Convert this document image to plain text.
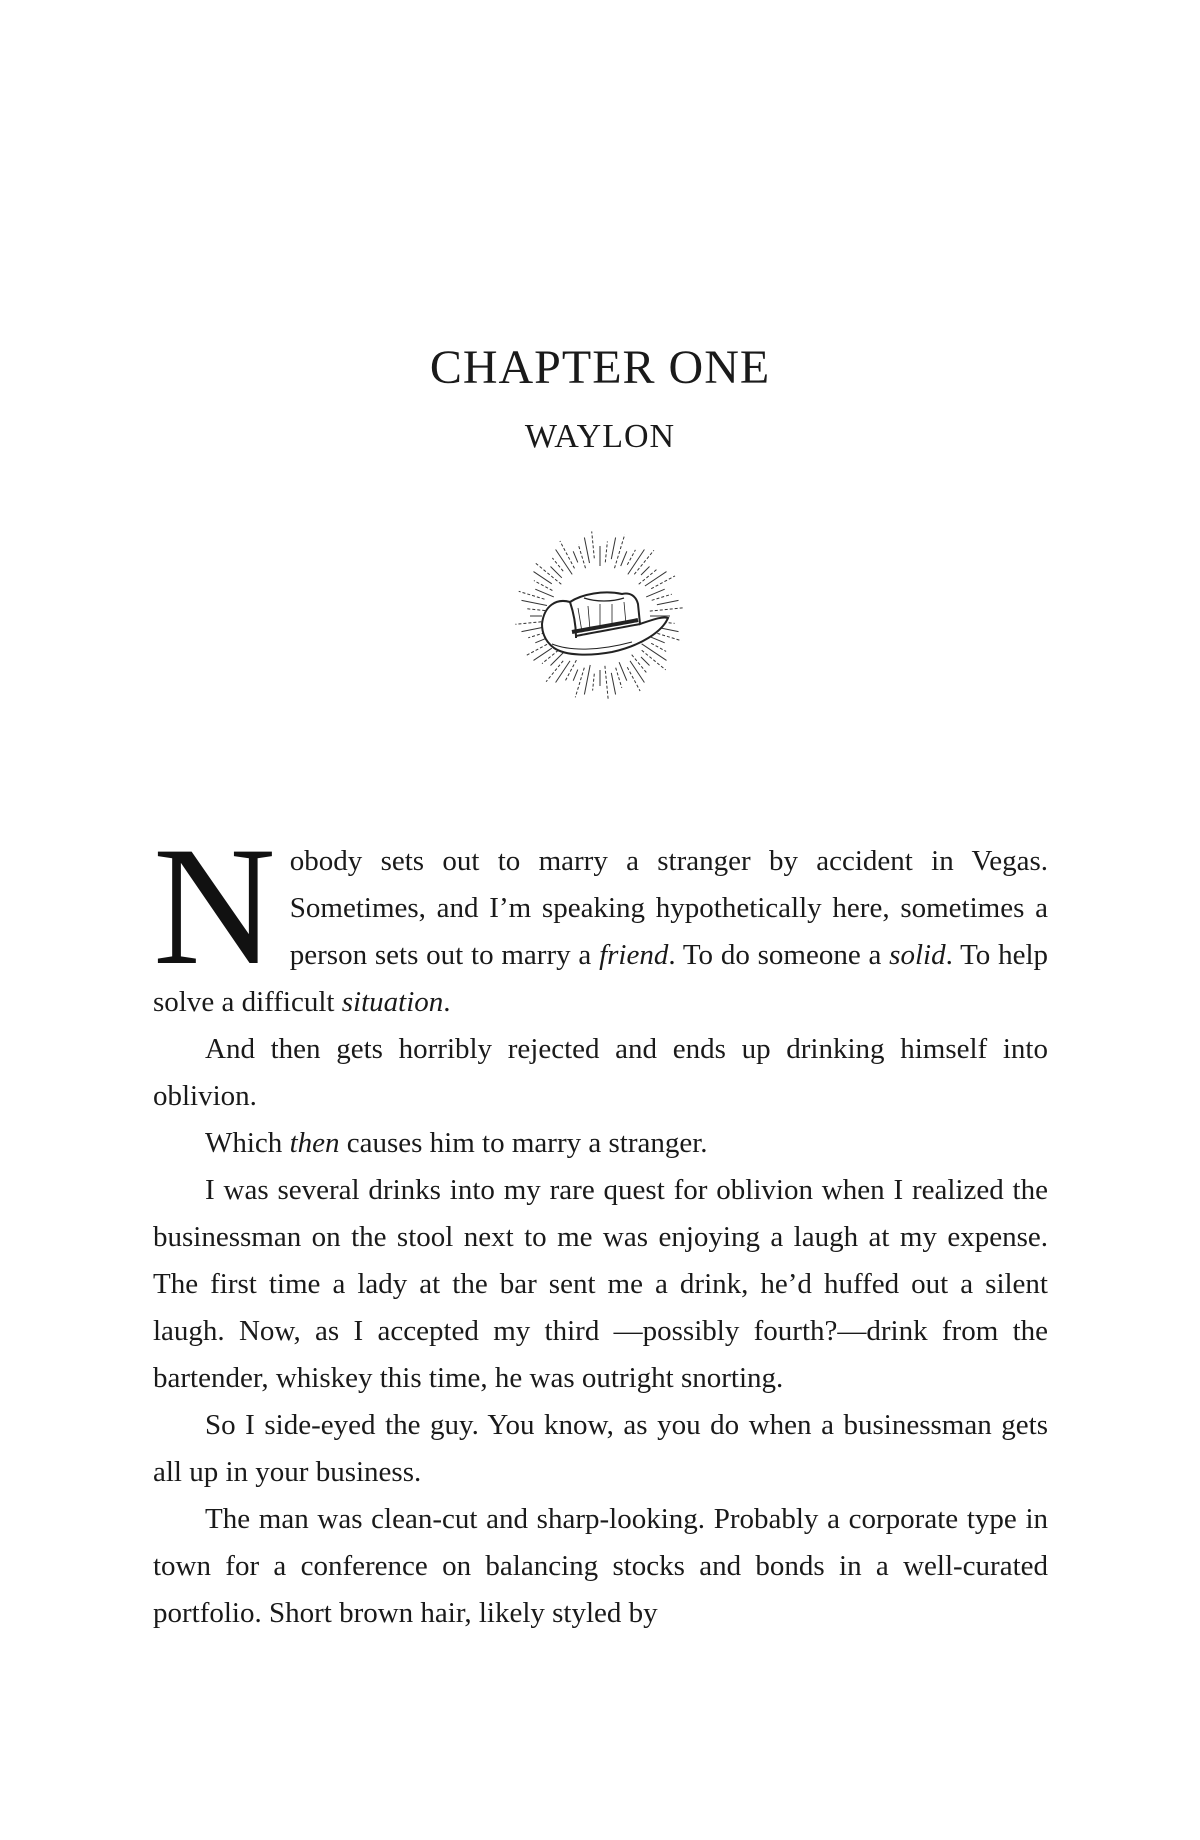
CHAPTER ONE
WAYLON

Nobody sets out to marry a stranger by accident in Vegas. Sometimes, and I’m speaking hypothetically here, sometimes a person sets out to marry a friend. To do someone a solid. To help solve a difficult situation.

And then gets horribly rejected and ends up drinking himself into oblivion.

Which then causes him to marry a stranger.

I was several drinks into my rare quest for oblivion when I realized the businessman on the stool next to me was enjoying a laugh at my expense. The first time a lady at the bar sent me a drink, he’d huffed out a silent laugh. Now, as I accepted my third —possibly fourth?—drink from the bartender, whiskey this time, he was outright snorting.

So I side-eyed the guy. You know, as you do when a businessman gets all up in your business.

The man was clean-cut and sharp-looking. Probably a corporate type in town for a conference on balancing stocks and bonds in a well-curated portfolio. Short brown hair, likely styled by
